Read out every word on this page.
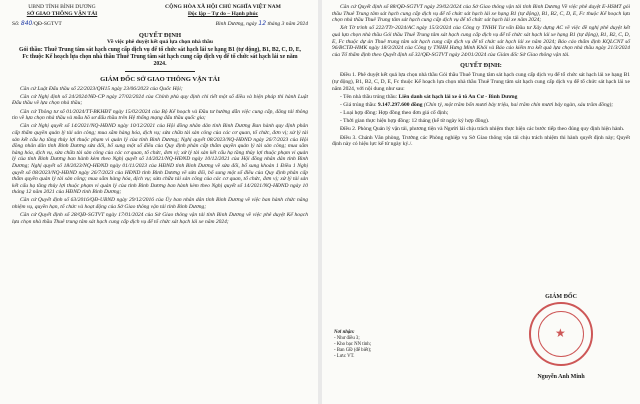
UBND TỈNH BÌNH DƯƠNG
SỞ GIAO THÔNG VẬN TẢI
CỘNG HÒA XÃ HỘI CHỦ NGHĨA VIỆT NAM
Độc lập – Tự do – Hạnh phúc
Số: 840/QĐ-SGTVT	Bình Dương, ngày 12 tháng 3 năm 2024
QUYẾT ĐỊNH
Về việc phê duyệt kết quả lựa chọn nhà thầu
Gói thầu: Thuê Trung tâm sát hạch cung cấp dịch vụ để tổ chức sát hạch lái xe hạng B1 (tự động), B1, B2, C, D, E, Fc thuộc Kế hoạch lựa chọn nhà thầu Thuê Trung tâm sát hạch cung cấp dịch vụ để tổ chức sát hạch lái xe năm 2024.
GIÁM ĐỐC SỞ GIAO THÔNG VẬN TẢI

Căn cứ Luật Đấu thầu số 22/2023/QH15 ngày 23/06/2023 của Quốc Hội;

Căn cứ Nghị định số 24/2024/NĐ-CP ngày 27/02/2024 của Chính phủ quy định chi tiết một số điều và biện pháp thi hành Luật Đấu thầu về lựa chọn nhà thầu;

Căn cứ Thông tư số 01/2024/TT-BKHĐT ngày 15/02/2024 của Bộ Kế hoạch và Đầu tư hướng dẫn việc cung cấp, đăng tải thông tin về lựa chọn nhà thầu và mẫu hồ sơ đấu thầu trên Hệ thống mạng đấu thầu quốc gia;

Căn cứ Nghị quyết số 14/2021/NQ-HĐND ngày 10/12/2021 của Hội đồng nhân dân tỉnh Bình Dương Ban hành quy định phân cấp thẩm quyền quản lý tài sản công; mua sắm hàng hóa, dịch vụ; sửa chữa tài sản công của các cơ quan, tổ chức, đơn vị; xử lý tài sản kết cấu hạ tầng thủy lợi thuộc phạm vi quản lý của tỉnh Bình Dương; Nghị quyết 08/2023/NQ-HĐND ngày 26/7/2023 của Hội đồng nhân dân tỉnh Bình Dương sửa đổi, bổ sung một số điều của Quy định phân cấp thẩm quyền quản lý tài sản công; mua sắm hàng hóa, dịch vụ, sửa chữa tài sản công của các cơ quan, tổ chức, đơn vị; xử lý tài sản kết cấu hạ tầng thủy lợi thuộc phạm vi quản lý của tỉnh Bình Dương ban hành kèm theo Nghị quyết số 14/2021/NQ-HĐND ngày 10/12/2021 của Hội đồng nhân dân tỉnh Bình Dương; Nghị quyết số 18/2023/NQ-HĐND ngày 01/11/2023 của HĐND tỉnh Bình Dương về sửa đổi, bổ sung khoản 1 Điều 1 Nghị quyết số 08/2023/NQ-HĐND ngày 26/7/2023 của HĐND tỉnh Bình Dương về sửa đổi, bổ sung một số điều của Quy định phân cấp thẩm quyền quản lý tài sản công; mua sắm hàng hóa, dịch vụ; sửa chữa tài sản công của các cơ quan, tổ chức, đơn vị; xử lý tài sản kết cấu hạ tầng thủy lợi thuộc phạm vi quản lý của tỉnh Bình Dương ban hành kèm theo Nghị quyết số 14/2021/NQ-HĐND ngày 10 tháng 12 năm 2021 của HĐND tỉnh Bình Dương;

Căn cứ Quyết định số 63/2016/QĐ-UBND ngày 29/12/2016 của Ủy ban nhân dân tỉnh Bình Dương về việc ban hành chức năng nhiệm vụ, quyền hạn, tổ chức và hoạt động của Sở Giao thông vận tải tỉnh Bình Dương;

Căn cứ Quyết định số 28/QĐ-SGTVT ngày 17/01/2024 của Sở Giao thông vận tải tỉnh Bình Dương về việc phê duyệt Kế hoạch lựa chọn nhà thầu Thuê trung tâm sát hạch cung cấp dịch vụ để tổ chức sát hạch lái xe năm 2024;

Căn cứ Quyết định số 88/QĐ-SGTVT ngày 29/02/2024 của Sở Giao thông vận tải tỉnh Bình Dương Về việc phê duyệt E-HSMT gói thầu Thuê Trung tâm sát hạch cung cấp dịch vụ để tổ chức sát hạch lái xe hạng B1 (tự động), B1, B2, C, D, E, Fc thuộc Kế hoạch lựa chọn nhà thầu Thuê Trung tâm sát hạch cung cấp dịch vụ để tổ chức sát hạch lái xe năm 2024;

Xét Tờ trình số 222/TTr-2024/AC ngày 15/3/2024 của Công ty TNHH Tư vấn Đầu tư Xây dựng AC về việc đề nghị phê duyệt kết quả lựa chọn nhà thầu Gói thầu Thuê Trung tâm sát hạch cung cấp dịch vụ để tổ chức sát hạch lái xe hạng B1 (tự động), B1, B2, C, D, E, Fc thuộc dự án Thuê trung tâm sát hạch cung cấp dịch vụ để tổ chức sát hạch lái xe năm 2024; Báo cáo thẩm định KQLCNT số 96/BCTĐ-HMK ngày 18/3/2024 của Công ty TNHH Hưng Minh Khôi và Báo cáo kiểm tra kết quả lựa chọn nhà thầu ngày 21/3/2024 của Tổ thẩm định theo Quyết định số 32/QĐ-SGTVT ngày 24/01/2024 của Giám đốc Sở Giao thông vận tải.

QUYẾT ĐỊNH:

Điều 1. Phê duyệt kết quả lựa chọn nhà thầu Gói thầu Thuê Trung tâm sát hạch cung cấp dịch vụ để tổ chức sát hạch lái xe hạng B1 (tự động), B1, B2, C, D, E, Fc thuộc Kế hoạch lựa chọn nhà thầu Thuê Trung tâm sát hạch cung cấp dịch vụ để tổ chức sát hạch lái xe năm 2024, với nội dung như sau:

- Tên nhà thầu trúng thầu: Liên danh sát hạch lái xe ô tô An Cư - Bình Dương

- Giá trúng thầu: 9.147.297.600 đồng (Chín tỷ, một trăm bốn mươi bảy triệu, hai trăm chín mươi bảy ngàn, sáu trăm đồng);

- Loại hợp đồng: Hợp đồng theo đơn giá cố định;

- Thời gian thực hiện hợp đồng: 12 tháng (kể từ ngày ký hợp đồng).

Điều 2. Phòng Quản lý vận tải, phương tiện và Người lái chịu trách nhiệm thực hiện các bước tiếp theo đúng quy định hiện hành.

Điều 3. Chánh Văn phòng, Trưởng các Phòng nghiệp vụ Sở Giao thông vận tải chịu trách nhiệm thi hành quyết định này; Quyết định này có hiệu lực kể từ ngày ký./.

Nơi nhận:
- Như điều 3;
- Kho bạc NN tỉnh;
- Ban GĐ (để biết);
- Lưu: VT.
GIÁM ĐỐC
★
Nguyễn Anh Minh
